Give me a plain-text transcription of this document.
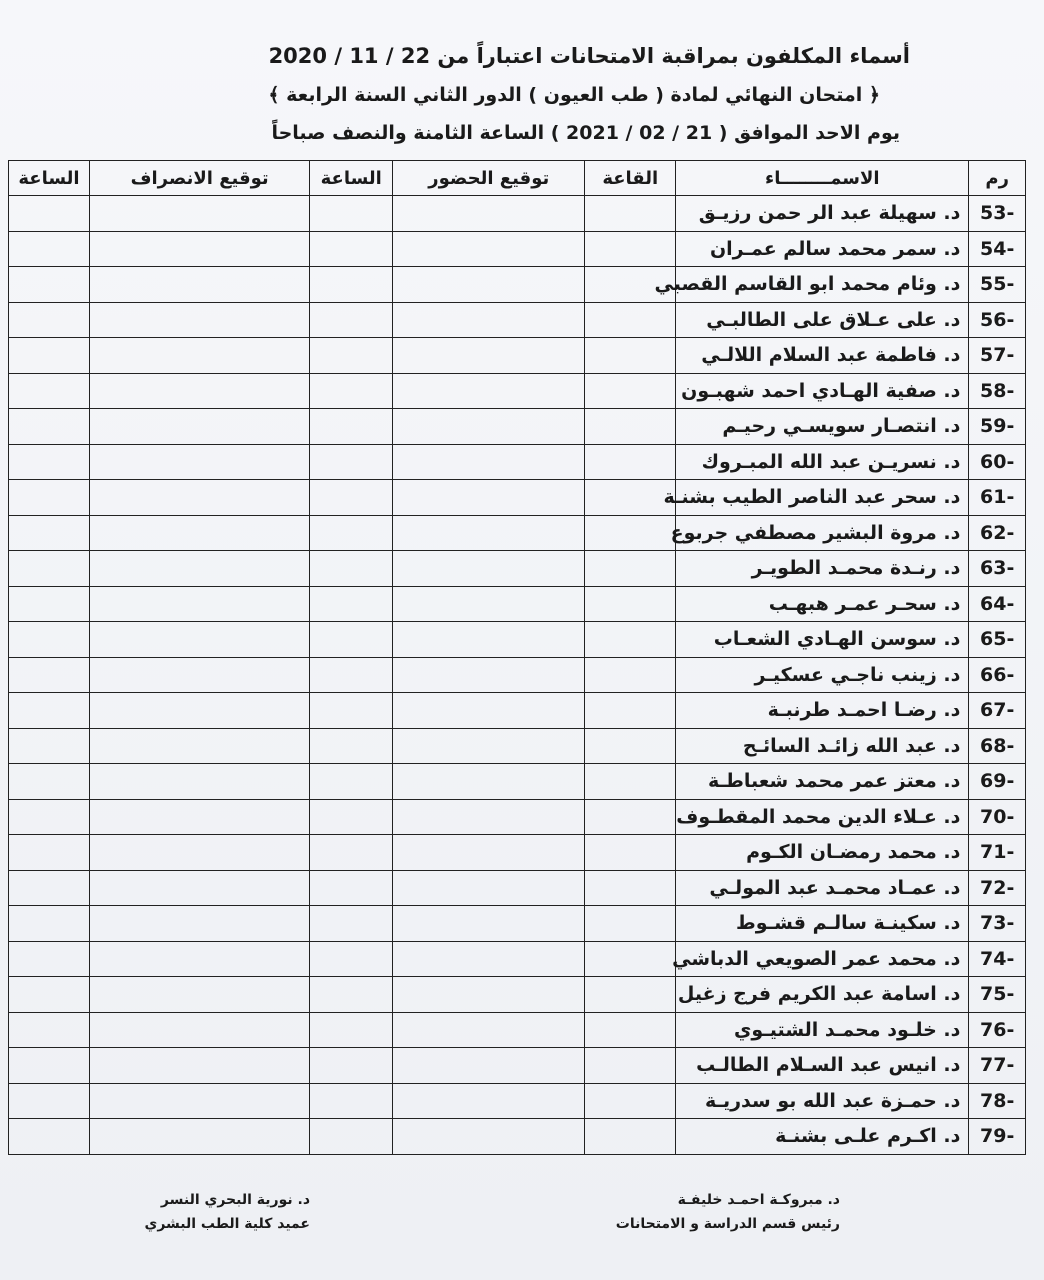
أسماء المكلفون بمراقبة الامتحانات اعتباراً من 22 / 11 / 2020
﴿ امتحان النهائي لمادة ( طب العيون ) الدور الثاني السنة الرابعة ﴾
يوم الاحد الموافق ( 21 / 02 / 2021 ) الساعة الثامنة والنصف صباحاً
رم	الاسمــــــــاء	القاعة	توقيع الحضور	الساعة	توقيع الانصراف	الساعة
53-	د. سهيلة عبد الر حمن رزيـق					
54-	د. سمر محمد سالم عمـران					
55-	د. وئام محمد ابو القاسم القصبي					
56-	د. على عـلاق على الطالبـي					
57-	د. فاطمة عبد السلام اللالـي					
58-	د. صفية الهـادي احمد شهبـون					
59-	د. انتصـار سويسـي رحيـم					
60-	د. نسريـن عبد الله المبـروك					
61-	د. سحر عبد الناصر الطيب بشنـة					
62-	د. مروة البشير مصطفي جربوع					
63-	د. رنـدة محمـد الطويـر					
64-	د. سحـر عمـر هبهـب					
65-	د. سوسن الهـادي الشعـاب					
66-	د. زينب ناجـي عسكيـر					
67-	د. رضـا احمـد طرنبـة					
68-	د. عبد الله زائـد السائـح					
69-	د. معتز عمر محمد شعباطـة					
70-	د. عـلاء الدين محمد المقطـوف					
71-	د. محمد رمضـان الكـوم					
72-	د. عمـاد محمـد عبد المولـي					
73-	د. سكينـة سالـم قشـوط					
74-	د. محمد عمر الصويعي الدباشي					
75-	د. اسامة عبد الكريم فرج زغيل					
76-	د. خلـود محمـد الشتيـوي					
77-	د. انيس عبد السـلام الطالـب					
78-	د. حمـزة عبد الله بو سدريـة					
79-	د. اكـرم علـى بشنـة					
د. مبروكـة احمـد خليفـة
رئيس قسم الدراسة و الامتحانات
د. نورية البحري النسر
عميد كلية الطب البشري
